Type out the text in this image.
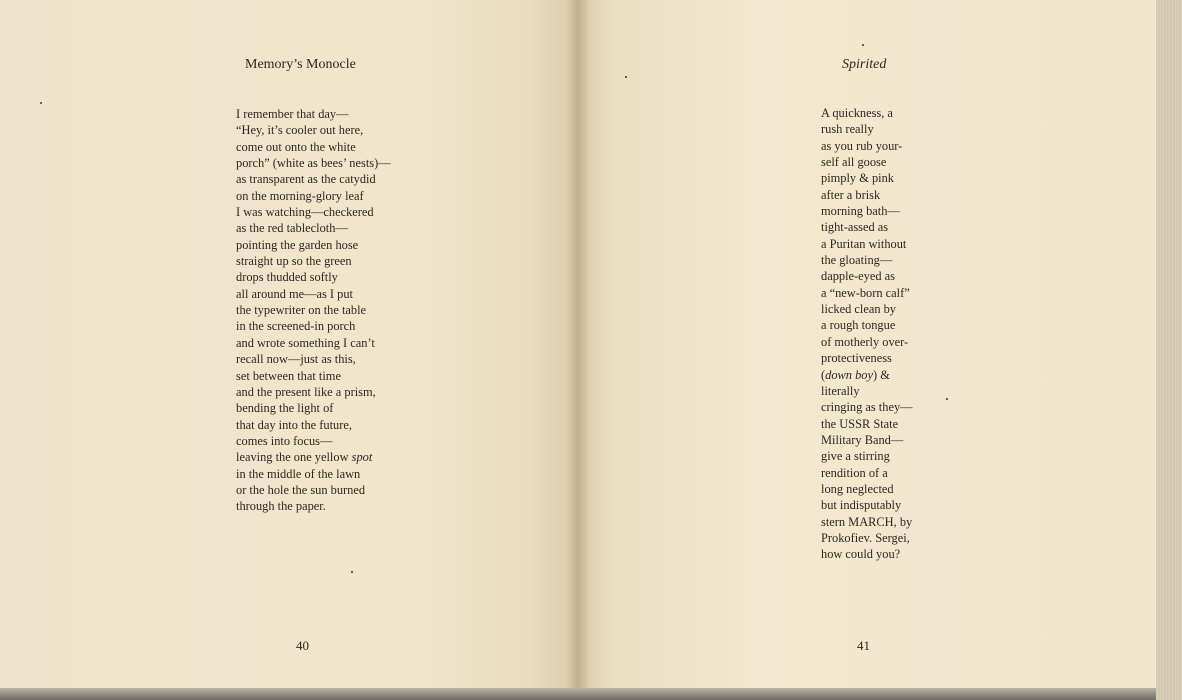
Memory’s Monocle
I remember that day—
“Hey, it’s cooler out here,
come out onto the white
porch” (white as bees’ nests)—
as transparent as the catydid
on the morning-glory leaf
I was watching—checkered
as the red tablecloth—
pointing the garden hose
straight up so the green
drops thudded softly
all around me—as I put
the typewriter on the table
in the screened-in porch
and wrote something I can’t
recall now—just as this,
set between that time
and the present like a prism,
bending the light of
that day into the future,
comes into focus—
leaving the one yellow spot
in the middle of the lawn
or the hole the sun burned
through the paper.
40
Spirited
A quickness, a
rush really
as you rub your-
self all goose
pimply & pink
after a brisk
morning bath—
tight-assed as
a Puritan without
the gloating—
dapple-eyed as
a “new-born calf”
licked clean by
a rough tongue
of motherly over-
protectiveness
(down boy) &
literally
cringing as they—
the USSR State
Military Band—
give a stirring
rendition of a
long neglected
but indisputably
stern MARCH, by
Prokofiev. Sergei,
how could you?
41
